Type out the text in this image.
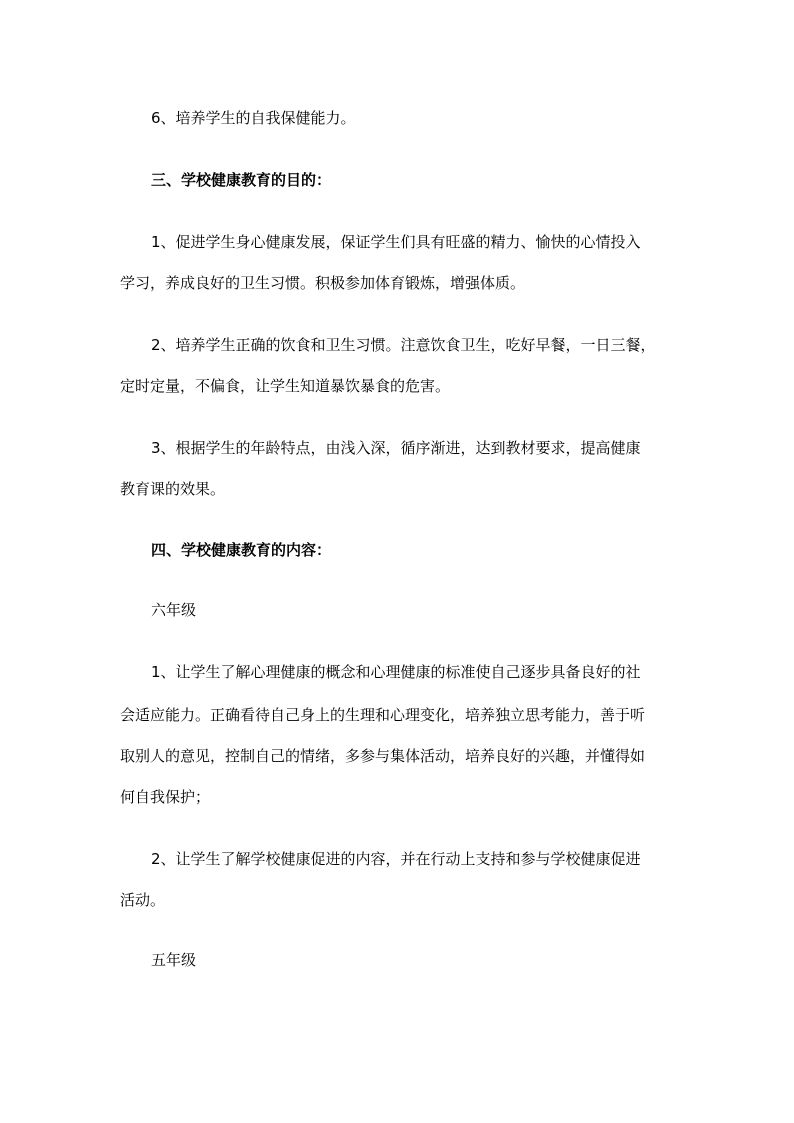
6、培养学生的自我保健能力。
三、学校健康教育的目的：
1、促进学生身心健康发展，保证学生们具有旺盛的精力、愉快的心情投入
学习，养成良好的卫生习惯。积极参加体育锻炼，增强体质。
2、培养学生正确的饮食和卫生习惯。注意饮食卫生，吃好早餐，一日三餐，
定时定量，不偏食，让学生知道暴饮暴食的危害。
3、根据学生的年龄特点，由浅入深，循序渐进，达到教材要求，提高健康
教育课的效果。
四、学校健康教育的内容：
六年级
1、让学生了解心理健康的概念和心理健康的标准使自己逐步具备良好的社
会适应能力。正确看待自己身上的生理和心理变化，培养独立思考能力，善于听
取别人的意见，控制自己的情绪，多参与集体活动，培养良好的兴趣，并懂得如
何自我保护；
2、让学生了解学校健康促进的内容，并在行动上支持和参与学校健康促进
活动。
五年级
